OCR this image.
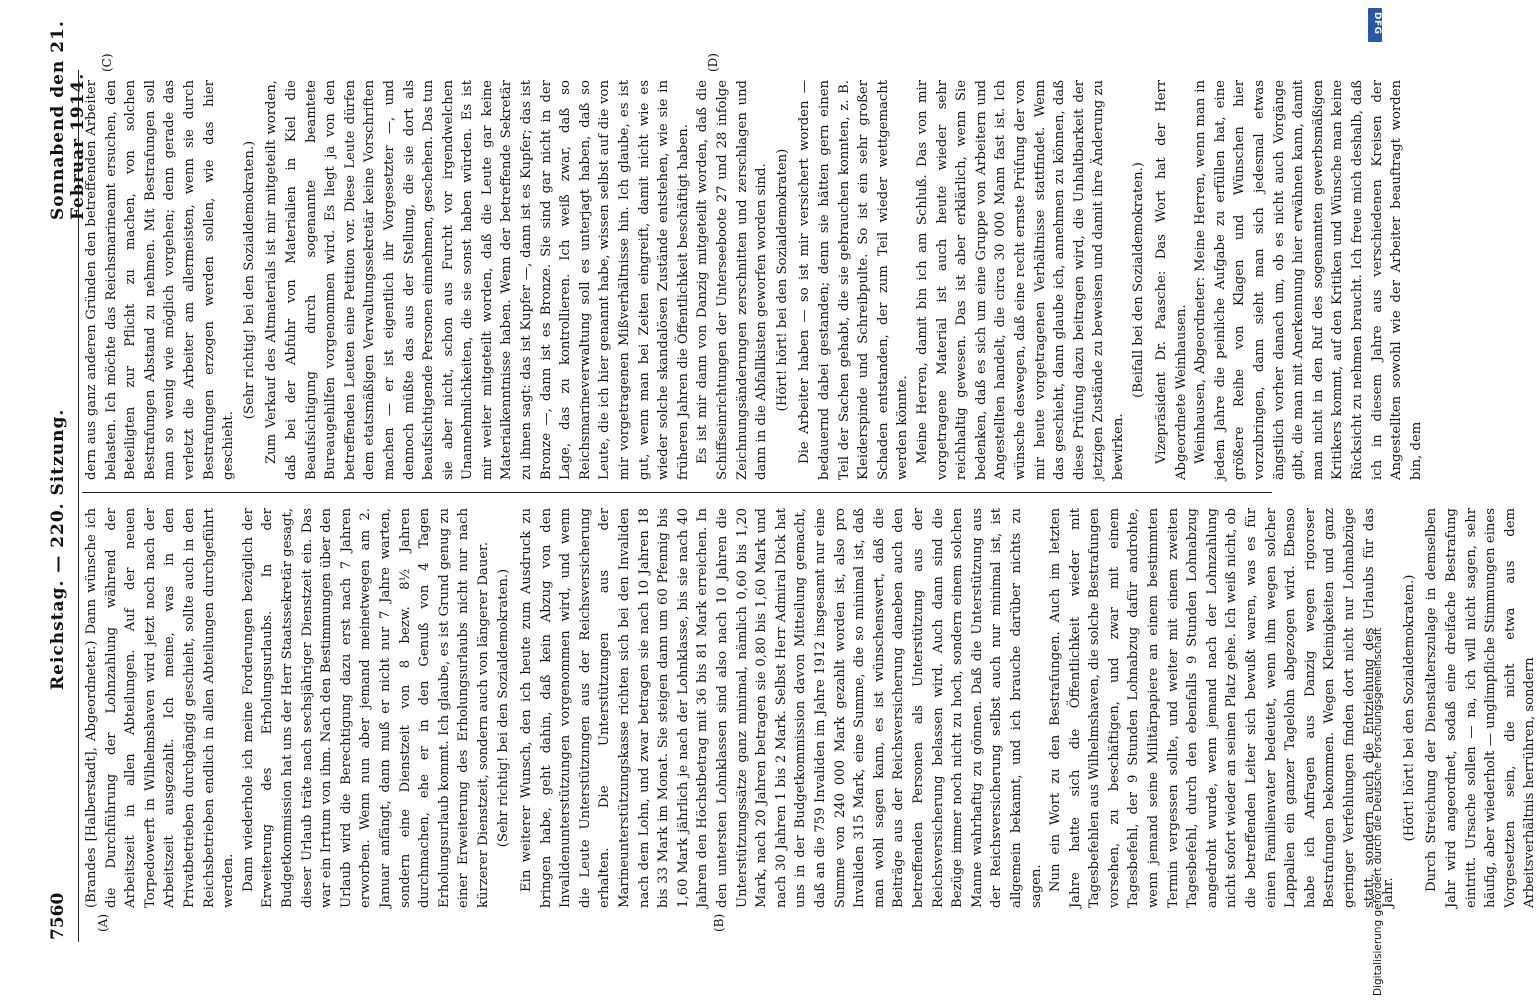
7560
Reichstag. — 220. Sitzung.
Sonnabend den 21. Februar 1914.
(A)	(B)
(C)	(D)

(Brandes [Halberstadt], Abgeordneter.) Dann wünsche ich die Durchführung der Lohnzahlung während der Arbeitszeit in allen Abteilungen. Auf der neuen Torpedowerft in Wilhelmshaven wird jetzt noch nach der Arbeitszeit ausgezahlt. Ich meine, was in den Privatbetrieben durchgängig geschieht, sollte auch in den Reichsbetrieben endlich in allen Abteilungen durchgeführt werden. Dann wiederhole ich meine Forderungen bezüglich der Erweiterung des Erholungsurlaubs. In der Budgetkommission hat uns der Herr Staatssekretär gesagt, dieser Urlaub träte nach sechsjähriger Dienstzeit ein. Das war ein Irrtum von ihm. Nach den Bestimmungen über den Urlaub wird die Berechtigung dazu erst nach 7 Jahren erworben. Wenn nun aber jemand meinetwegen am 2. Januar anfängt, dann muß er nicht nur 7 Jahre warten, sondern eine Dienstzeit von 8 bezw. 8½ Jahren durchmachen, ehe er in den Genuß von 4 Tagen Erholungsurlaub kommt. Ich glaube, es ist Grund genug zu einer Erweiterung des Erholungsurlaubs nicht nur nach kürzerer Dienstzeit, sondern auch von längerer Dauer. (Sehr richtig! bei den Sozialdemokraten.) Ein weiterer Wunsch, den ich heute zum Ausdruck zu bringen habe, geht dahin, daß kein Abzug von den Invalidenunterstützungen vorgenommen wird, und wenn die Leute Unterstützungen aus der Reichsversicherung erhalten. Die Unterstützungen aus der Marineunterstützungskasse richten sich bei den Invaliden nach dem Lohn, und zwar betragen sie nach 10 Jahren 18 bis 33 Mark im Monat. Sie steigen dann um 60 Pfennig bis 1,60 Mark jährlich je nach der Lohnklasse, bis sie nach 40 Jahren den Höchstbetrag mit 36 bis 81 Mark erreichen. In den untersten Lohnklassen sind also nach 10 Jahren die Unterstützungssätze ganz minimal, nämlich 0,60 bis 1,20 Mark, nach 20 Jahren betragen sie 0,80 bis 1,60 Mark und nach 30 Jahren 1 bis 2 Mark. Selbst Herr Admiral Dick hat uns in der Budgetkommission davon Mitteilung gemacht, daß an die 759 Invaliden im Jahre 1912 insgesamt nur eine Summe von 240 000 Mark gezahlt worden ist, also pro Invaliden 315 Mark, eine Summe, die so minimal ist, daß man wohl sagen kann, es ist wünschenswert, daß die Beiträge aus der Reichsversicherung daneben auch den betreffenden Personen als Unterstützung aus der Reichsversicherung belassen wird. Auch dann sind die Bezüge immer noch nicht zu hoch, sondern einem solchen Manne wahrhaftig zu gönnen. Daß die Unterstützung aus der Reichsversicherung selbst auch nur minimal ist, ist allgemein bekannt, und ich brauche darüber nichts zu sagen. Nun ein Wort zu den Bestrafungen. Auch im letzten Jahre hatte sich die Öffentlichkeit wieder mit Tagesbefehlen aus Wilhelmshaven, die solche Bestrafungen vorsehen, zu beschäftigen, und zwar mit einem Tagesbefehl, der 9 Stunden Lohnabzug dafür androhte, wenn jemand seine Militärpapiere an einem bestimmten Termin vergessen sollte, und weiter mit einem zweiten Tagesbefehl, durch den ebenfalls 9 Stunden Lohnabzug angedroht wurde, wenn jemand nach der Lohnzahlung nicht sofort wieder an seinen Platz gehe. Ich weiß nicht, ob die betreffenden Leiter sich bewußt waren, was es für einen Familienvater bedeutet, wenn ihm wegen solcher Lappalien ein ganzer Tagelohn abgezogen wird. Ebenso habe ich Anfragen aus Danzig wegen rigoroser Bestrafungen bekommen. Wegen Kleinigkeiten und ganz geringer Verfehlungen finden dort nicht nur Lohnabzüge statt, sondern auch die Entziehung des Urlaubs für das Jahr.

(Hört! hört! bei den Sozialdemokraten.) Durch Streichung der Dienstalterszulage in demselben Jahr wird angeordnet, sodaß eine dreifache Bestrafung eintritt. Ursache sollen — na, ich will nicht sagen, sehr häufig, aber wiederholt — unglimpfliche Stimmungen eines Vorgesetzten sein, die nicht etwa aus dem Arbeitsverhältnis herrühren, sondern

dern aus ganz anderen Gründen den betreffenden Arbeiter belasten. Ich möchte das Reichsmarineamt ersuchen, den Beteiligten zur Pflicht zu machen, von solchen Bestrafungen Abstand zu nehmen. Mit Bestrafungen soll man so wenig wie möglich vorgehen; denn gerade das verletzt die Arbeiter am allermeisten, wenn sie durch Bestrafungen erzogen werden sollen, wie das hier geschieht.

(Sehr richtig! bei den Sozialdemokraten.) Zum Verkauf des Altmaterials ist mir mitgeteilt worden, daß bei der Abfuhr von Materialien in Kiel die Beaufsichtigung durch sogenannte beamtete Bureaugehilfen vorgenommen wird. Es liegt ja von den betreffenden Leuten eine Petition vor. Diese Leute dürfen dem etatsmäßigen Verwaltungssekretär keine Vorschriften machen — er ist eigentlich ihr Vorgesetzter —, und dennoch müßte das aus der Stellung, die sie dort als beaufsichtigende Personen einnehmen, geschehen. Das tun sie aber nicht, schon aus Furcht vor irgendwelchen Unannehmlichkeiten, die sie sonst haben würden. Es ist mir weiter mitgeteilt worden, daß die Leute gar keine Materialkenntnisse haben. Wenn der betreffende Sekretär zu ihnen sagt: das ist Kupfer —, dann ist es Kupfer; das ist Bronze —, dann ist es Bronze. Sie sind gar nicht in der Lage, das zu kontrollieren. Ich weiß zwar, daß so Reichsmarineverwaltung soll es unterjagt haben, daß so Leute, die ich hier genannt habe, wissen selbst auf die von mir vorgetragenen Mißverhältnisse hin. Ich glaube, es ist gut, wenn man bei Zeiten eingreift, damit nicht wie es wieder solche skandalösen Zustände entstehen, wie sie in früheren Jahren die Öffentlichkeit beschäftigt haben. Es ist mir dann von Danzig mitgeteilt worden, daß die Schiffseinrichtungen der Unterseeboote 27 und 28 infolge Zeichnungsänderungen zerschnitten und zerschlagen und dann in die Abfallkisten geworfen worden sind. (Hört! hört! bei den Sozialdemokraten) Die Arbeiter haben — so ist mir versichert worden — bedauernd dabei gestanden; denn sie hätten gern einen Teil der Sachen gehabt, die sie gebrauchen konnten, z. B. Kleiderspinde und Schreibpulte. So ist ein sehr großer Schaden entstanden, der zum Teil wieder wettgemacht werden könnte. Meine Herren, damit bin ich am Schluß. Das von mir vorgetragene Material ist auch heute wieder sehr reichhaltig gewesen. Das ist aber erklärlich, wenn Sie bedenken, daß es sich um eine Gruppe von Arbeitern und Angestellten handelt, die circa 30 000 Mann fast ist. Ich wünsche deswegen, daß eine recht ernste Prüfung der von mir heute vorgetragenen Verhältnisse stattfindet. Wenn das geschieht, dann glaube ich, annehmen zu können, daß diese Prüfung dazu beitragen wird, die Unhaltbarkeit der jetzigen Zustände zu beweisen und damit ihre Änderung zu bewirken.

(Beifall bei den Sozialdemokraten.) Vizepräsident Dr. Paasche: Das Wort hat der Herr Abgeordnete Weinhausen. Weinhausen, Abgeordneter: Meine Herren, wenn man in jedem Jahre die peinliche Aufgabe zu erfüllen hat, eine größere Reihe von Klagen und Wünschen hier vorzubringen, dann sieht man sich jedesmal etwas ängstlich vorher danach um, ob es nicht auch Vorgänge gibt, die man mit Anerkennung hier erwähnen kann, damit man nicht in den Ruf des sogenannten gewerbsmäßigen Kritikers kommt, auf den Kritiken und Wünsche man keine Rücksicht zu nehmen braucht. Ich freue mich deshalb, daß ich in diesem Jahre aus verschiedenen Kreisen der Angestellten sowohl wie der Arbeiter beauftragt worden bin, dem

Digitalisierung gefördert durch die Deutsche Forschungsgemeinschaft
DFG
